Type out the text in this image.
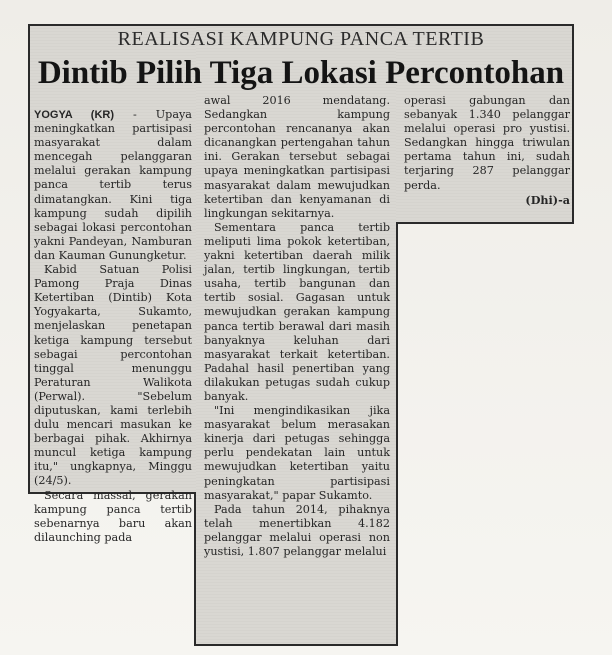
REALISASI KAMPUNG PANCA TERTIB
Dintib Pilih Tiga Lokasi Percontohan

YOGYA (KR) - Upaya meningkatkan partisipasi masyarakat dalam mencegah pelanggaran melalui gerakan kampung panca tertib terus dimatangkan. Kini tiga kampung sudah dipilih sebagai lokasi percontohan yakni Pandeyan, Namburan dan Kauman Gunungketur.

Kabid Satuan Polisi Pamong Praja Dinas Ketertiban (Dintib) Kota Yogyakarta, Sukamto, menjelaskan penetapan ketiga kampung tersebut sebagai percontohan tinggal menunggu Peraturan Walikota (Perwal). "Sebelum diputuskan, kami terlebih dulu mencari masukan ke berbagai pihak. Akhirnya muncul ketiga kampung itu," ungkapnya, Minggu (24/5).

Secara massal, gerakan kampung panca tertib sebenarnya baru akan dilaunching pada

awal 2016 mendatang. Sedangkan kampung percontohan rencananya akan dicanangkan pertengahan tahun ini. Gerakan tersebut sebagai upaya meningkatkan partisipasi masyarakat dalam mewujudkan ketertiban dan kenyamanan di lingkungan sekitarnya.

Sementara panca tertib meliputi lima pokok ketertiban, yakni ketertiban daerah milik jalan, tertib lingkungan, tertib usaha, tertib bangunan dan tertib sosial. Gagasan untuk mewujudkan gerakan kampung panca tertib berawal dari masih banyaknya keluhan dari masyarakat terkait ketertiban. Padahal hasil penertiban yang dilakukan petugas sudah cukup banyak.

"Ini mengindikasikan jika masyarakat belum merasakan kinerja dari petugas sehingga perlu pendekatan lain untuk mewujudkan ketertiban yaitu peningkatan partisipasi masyarakat," papar Sukamto.

Pada tahun 2014, pihaknya telah menertibkan 4.182 pelanggar melalui operasi non yustisi, 1.807 pelanggar melalui

operasi gabungan dan sebanyak 1.340 pelanggar melalui operasi pro yustisi. Sedangkan hingga triwulan pertama tahun ini, sudah terjaring 287 pelanggar perda.

(Dhi)-a
